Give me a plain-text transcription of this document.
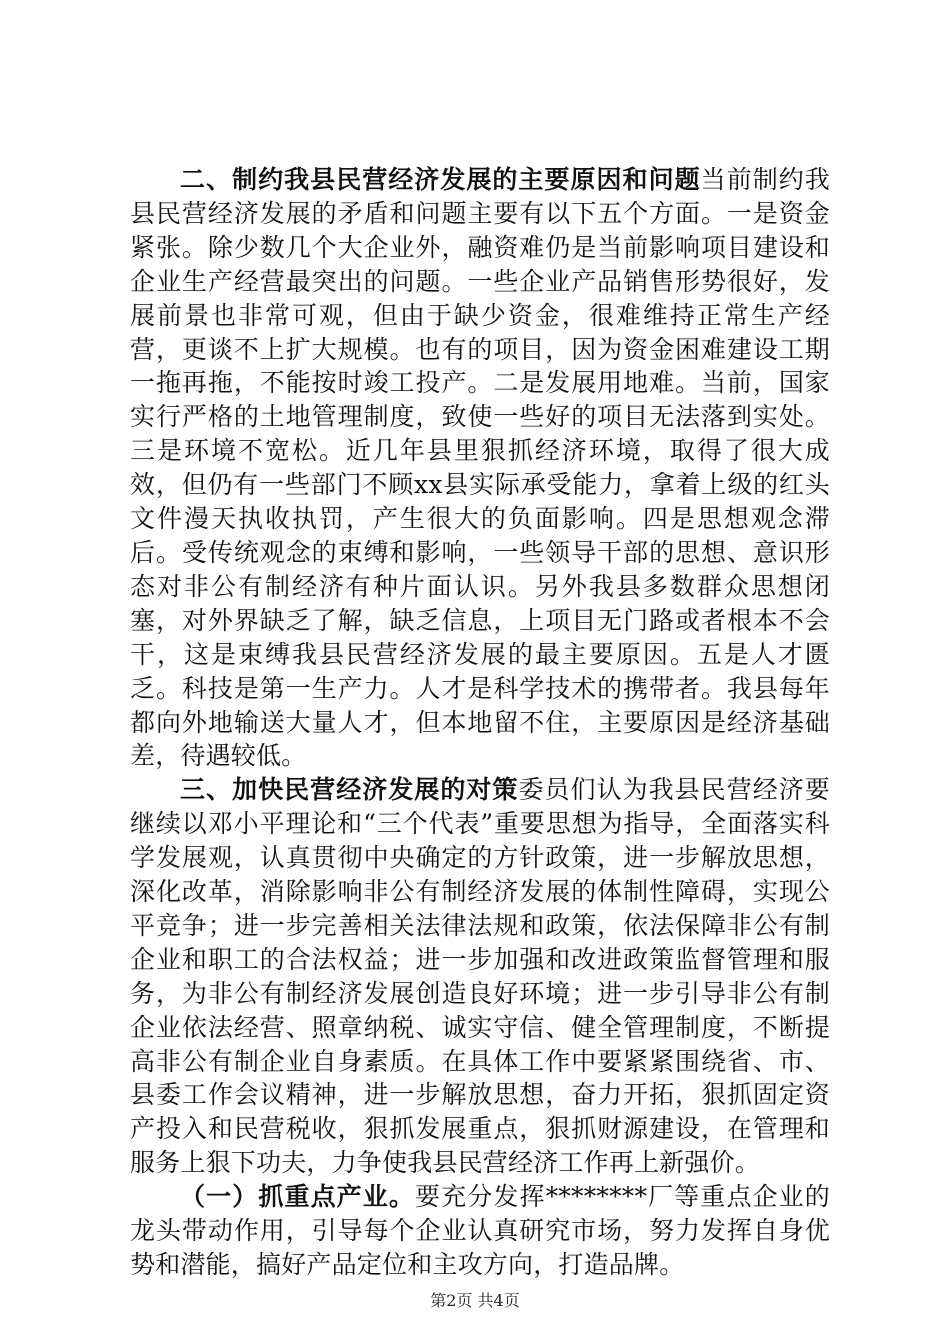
二、制约我县民营经济发展的主要原因和问题当前制约我县民营经济发展的矛盾和问题主要有以下五个方面。一是资金紧张。除少数几个大企业外，融资难仍是当前影响项目建设和企业生产经营最突出的问题。一些企业产品销售形势很好，发展前景也非常可观，但由于缺少资金，很难维持正常生产经营，更谈不上扩大规模。也有的项目，因为资金困难建设工期一拖再拖，不能按时竣工投产。二是发展用地难。当前，国家实行严格的土地管理制度，致使一些好的项目无法落到实处。三是环境不宽松。近几年县里狠抓经济环境，取得了很大成效，但仍有一些部门不顾xx县实际承受能力，拿着上级的红头文件漫天执收执罚，产生很大的负面影响。四是思想观念滞后。受传统观念的束缚和影响，一些领导干部的思想、意识形态对非公有制经济有种片面认识。另外我县多数群众思想闭塞，对外界缺乏了解，缺乏信息，上项目无门路或者根本不会干，这是束缚我县民营经济发展的最主要原因。五是人才匮乏。科技是第一生产力。人才是科学技术的携带者。我县每年都向外地输送大量人才，但本地留不住，主要原因是经济基础差，待遇较低。

三、加快民营经济发展的对策委员们认为我县民营经济要继续以邓小平理论和“三个代表”重要思想为指导，全面落实科学发展观，认真贯彻中央确定的方针政策，进一步解放思想，深化改革，消除影响非公有制经济发展的体制性障碍，实现公平竞争；进一步完善相关法律法规和政策，依法保障非公有制企业和职工的合法权益；进一步加强和改进政策监督管理和服务，为非公有制经济发展创造良好环境；进一步引导非公有制企业依法经营、照章纳税、诚实守信、健全管理制度，不断提高非公有制企业自身素质。在具体工作中要紧紧围绕省、市、县委工作会议精神，进一步解放思想，奋力开拓，狠抓固定资产投入和民营税收，狠抓发展重点，狠抓财源建设，在管理和服务上狠下功夫，力争使我县民营经济工作再上新强价。

（一）抓重点产业。要充分发挥********厂等重点企业的龙头带动作用，引导每个企业认真研究市场，努力发挥自身优势和潜能，搞好产品定位和主攻方向，打造品牌。

第2页 共4页
